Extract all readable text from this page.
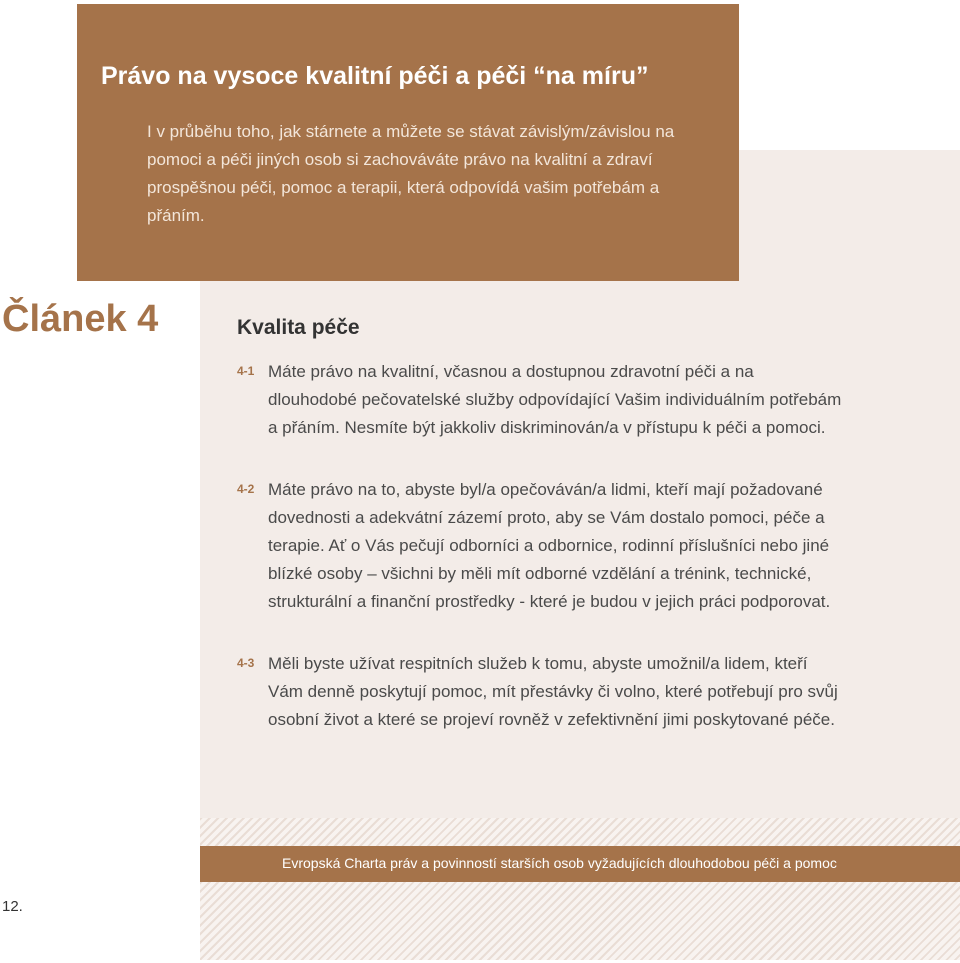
Právo na vysoce kvalitní péči a péči “na míru”

I v průběhu toho, jak stárnete a můžete se stávat závislým/závislou na pomoci a péči jiných osob si zachováváte právo na kvalitní a zdraví prospěšnou péči, pomoc a terapii, která odpovídá vašim potřebám a přáním.

Článek 4	Kvalita péče
4-1 Máte právo na kvalitní, včasnou a dostupnou zdravotní péči a na dlouhodobé pečovatelské služby odpovídající Vašim individuálním potřebám a přáním. Nesmíte být jakkoliv diskriminován/a v přístupu k péči a pomoci.
4-2 Máte právo na to, abyste byl/a opečováván/a lidmi, kteří mají požadované dovednosti a adekvátní zázemí proto, aby se Vám dostalo pomoci, péče a terapie. Ať o Vás pečují odborníci a odbornice, rodinní příslušníci nebo jiné blízké osoby – všichni by měli mít odborné vzdělání a trénink, technické, strukturální a finanční prostředky - které je budou v jejich práci podporovat.
4-3 Měli byste užívat respitních služeb k tomu, abyste umožnil/a lidem, kteří Vám denně poskytují pomoc, mít přestávky či volno, které potřebují pro svůj osobní život a které se projeví rovněž v zefektivnění jimi poskytované péče.
Evropská Charta práv a povinností starších osob vyžadujících dlouhodobou péči a pomoc
12.
